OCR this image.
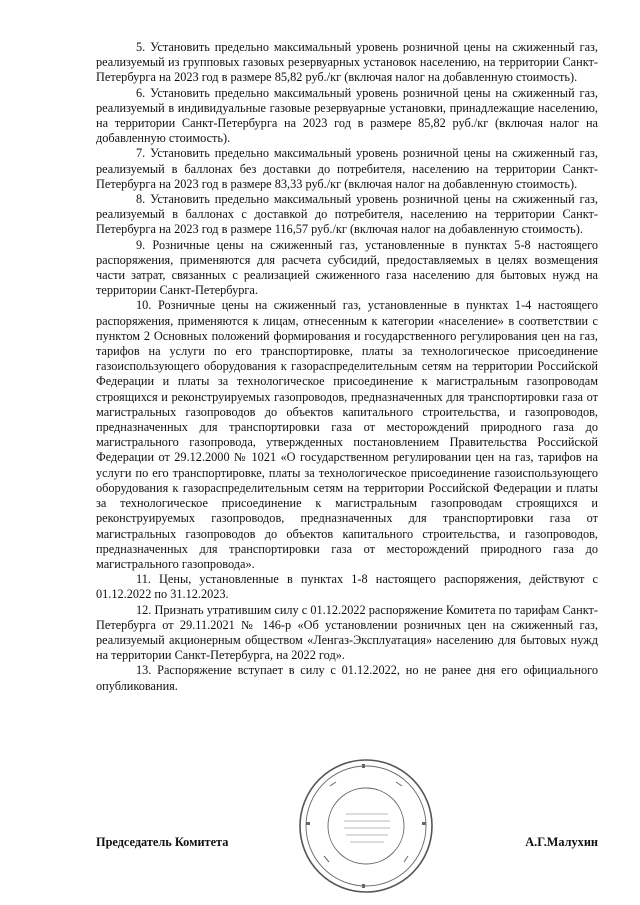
5. Установить предельно максимальный уровень розничной цены на сжиженный газ, реализуемый из групповых газовых резервуарных установок населению, на территории Санкт-Петербурга на 2023 год в размере 85,82 руб./кг (включая налог на добавленную стоимость).

6. Установить предельно максимальный уровень розничной цены на сжиженный газ, реализуемый в индивидуальные газовые резервуарные установки, принадлежащие населению, на территории Санкт-Петербурга на 2023 год в размере 85,82 руб./кг (включая налог на добавленную стоимость).

7. Установить предельно максимальный уровень розничной цены на сжиженный газ, реализуемый в баллонах без доставки до потребителя, населению на территории Санкт-Петербурга на 2023 год в размере 83,33 руб./кг (включая налог на добавленную стоимость).

8. Установить предельно максимальный уровень розничной цены на сжиженный газ, реализуемый в баллонах с доставкой до потребителя, населению на территории Санкт-Петербурга на 2023 год в размере 116,57 руб./кг (включая налог на добавленную стоимость).

9. Розничные цены на сжиженный газ, установленные в пунктах 5-8 настоящего распоряжения, применяются для расчета субсидий, предоставляемых в целях возмещения части затрат, связанных с реализацией сжиженного газа населению для бытовых нужд на территории Санкт-Петербурга.

10. Розничные цены на сжиженный газ, установленные в пунктах 1-4 настоящего распоряжения, применяются к лицам, отнесенным к категории «население» в соответствии с пунктом 2 Основных положений формирования и государственного регулирования цен на газ, тарифов на услуги по его транспортировке, платы за технологическое присоединение газоиспользующего оборудования к газораспределительным сетям на территории Российской Федерации и платы за технологическое присоединение к магистральным газопроводам строящихся и реконструируемых газопроводов, предназначенных для транспортировки газа от магистральных газопроводов до объектов капитального строительства, и газопроводов, предназначенных для транспортировки газа от месторождений природного газа до магистрального газопровода, утвержденных постановлением Правительства Российской Федерации от 29.12.2000 № 1021 «О государственном регулировании цен на газ, тарифов на услуги по его транспортировке, платы за технологическое присоединение газоиспользующего оборудования к газораспределительным сетям на территории Российской Федерации и платы за технологическое присоединение к магистральным газопроводам строящихся и реконструируемых газопроводов, предназначенных для транспортировки газа от магистральных газопроводов до объектов капитального строительства, и газопроводов, предназначенных для транспортировки газа от месторождений природного газа до магистрального газопровода».

11. Цены, установленные в пунктах 1-8 настоящего распоряжения, действуют с 01.12.2022 по 31.12.2023.

12. Признать утратившим силу с 01.12.2022 распоряжение Комитета по тарифам Санкт-Петербурга от 29.11.2021 № 146-р «Об установлении розничных цен на сжиженный газ, реализуемый акционерным обществом «Ленгаз-Эксплуатация» населению для бытовых нужд на территории Санкт-Петербурга, на 2022 год».

13. Распоряжение вступает в силу с 01.12.2022, но не ранее дня его официального опубликования.

Председатель Комитета	А.Г.Малухин
